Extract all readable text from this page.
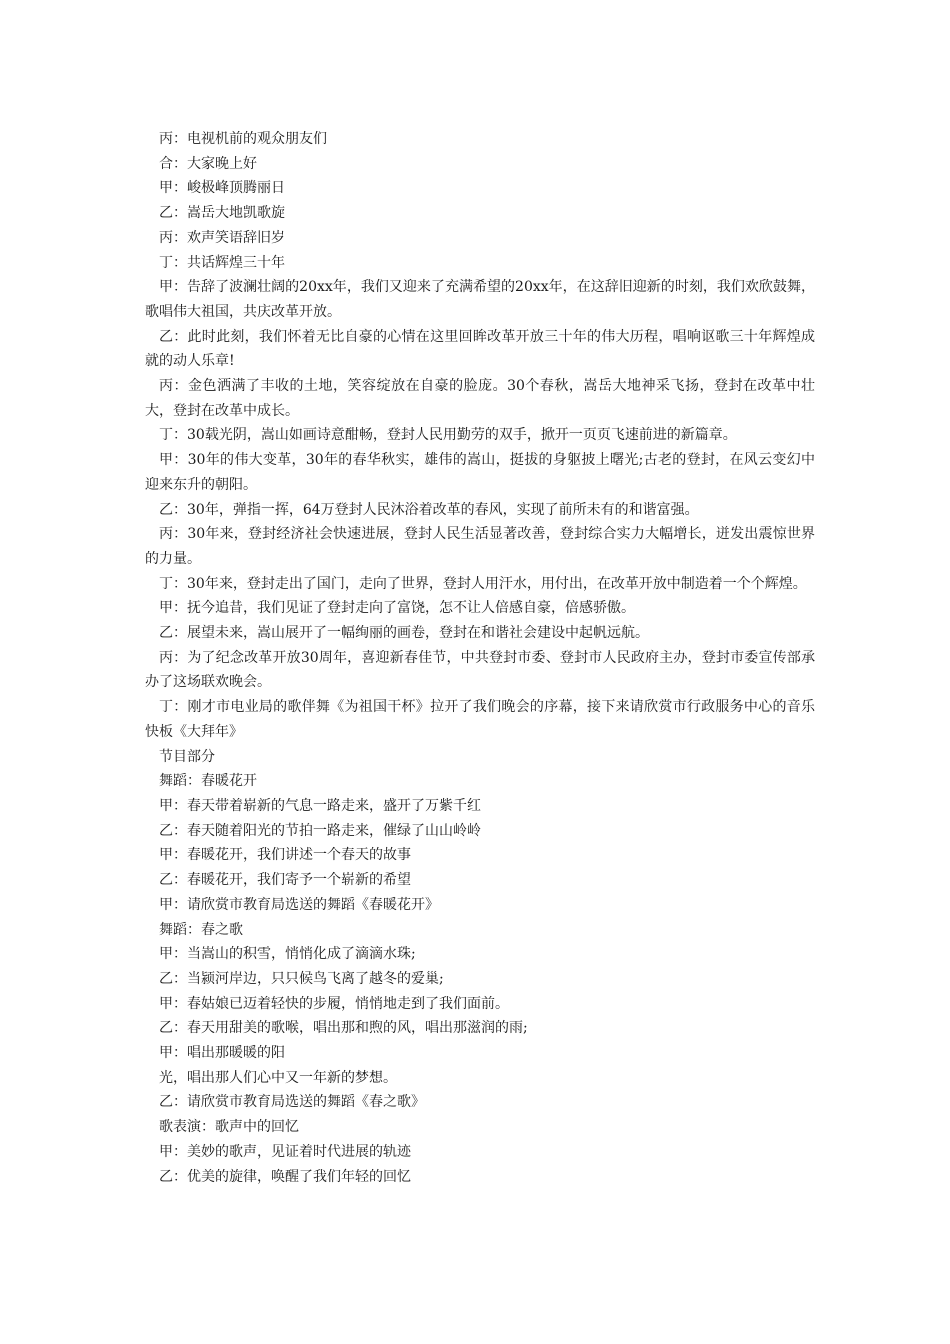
丙：电视机前的观众朋友们

合：大家晚上好

甲：峻极峰顶腾丽日

乙：嵩岳大地凯歌旋

丙：欢声笑语辞旧岁

丁：共话辉煌三十年

甲：告辞了波澜壮阔的20xx年，我们又迎来了充满希望的20xx年，在这辞旧迎新的时刻，我们欢欣鼓舞，歌唱伟大祖国，共庆改革开放。

乙：此时此刻，我们怀着无比自豪的心情在这里回眸改革开放三十年的伟大历程，唱响讴歌三十年辉煌成就的动人乐章!

丙：金色洒满了丰收的土地，笑容绽放在自豪的脸庞。30个春秋，嵩岳大地神采飞扬，登封在改革中壮大，登封在改革中成长。

丁：30载光阴，嵩山如画诗意酣畅，登封人民用勤劳的双手，掀开一页页飞速前进的新篇章。

甲：30年的伟大变革，30年的春华秋实，雄伟的嵩山，挺拔的身躯披上曙光;古老的登封，在风云变幻中迎来东升的朝阳。

乙：30年，弹指一挥，64万登封人民沐浴着改革的春风，实现了前所未有的和谐富强。

丙：30年来，登封经济社会快速进展，登封人民生活显著改善，登封综合实力大幅增长，迸发出震惊世界的力量。

丁：30年来，登封走出了国门，走向了世界，登封人用汗水，用付出，在改革开放中制造着一个个辉煌。

甲：抚今追昔，我们见证了登封走向了富饶，怎不让人倍感自豪，倍感骄傲。

乙：展望未来，嵩山展开了一幅绚丽的画卷，登封在和谐社会建设中起帆远航。

丙：为了纪念改革开放30周年，喜迎新春佳节，中共登封市委、登封市人民政府主办，登封市委宣传部承办了这场联欢晚会。

丁：刚才市电业局的歌伴舞《为祖国干杯》拉开了我们晚会的序幕，接下来请欣赏市行政服务中心的音乐快板《大拜年》

节目部分

舞蹈：春暖花开

甲：春天带着崭新的气息一路走来，盛开了万紫千红

乙：春天随着阳光的节拍一路走来，催绿了山山岭岭

甲：春暖花开，我们讲述一个春天的故事

乙：春暖花开，我们寄予一个崭新的希望

甲：请欣赏市教育局选送的舞蹈《春暖花开》

舞蹈：春之歌

甲：当嵩山的积雪，悄悄化成了滴滴水珠;

乙：当颍河岸边，只只候鸟飞离了越冬的爱巢;

甲：春姑娘已迈着轻快的步履，悄悄地走到了我们面前。

乙：春天用甜美的歌喉，唱出那和煦的风，唱出那滋润的雨;

甲：唱出那暖暖的阳

光，唱出那人们心中又一年新的梦想。

乙：请欣赏市教育局选送的舞蹈《春之歌》

歌表演：歌声中的回忆

甲：美妙的歌声，见证着时代进展的轨迹

乙：优美的旋律，唤醒了我们年轻的回忆
